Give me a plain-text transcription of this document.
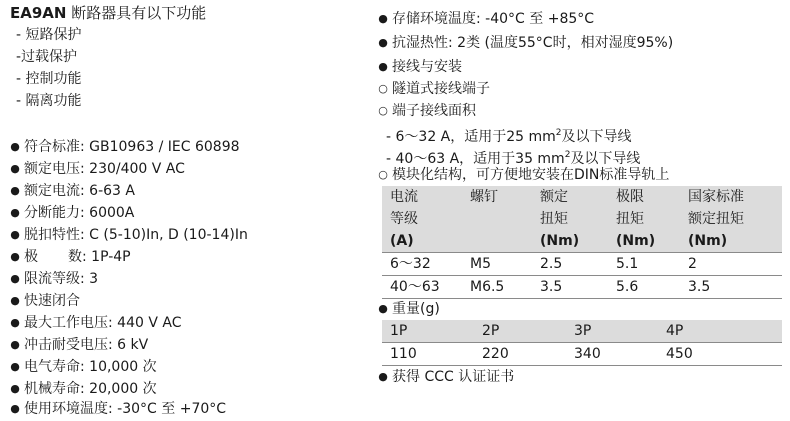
EA9AN 断路器具有以下功能
- 短路保护
-过载保护
- 控制功能
- 隔离功能
● 符合标准: GB10963 / IEC 60898
● 额定电压: 230/400 V AC
● 额定电流: 6-63 A
● 分断能力: 6000A
● 脱扣特性: C (5-10)In, D (10-14)In
● 极 数: 1P-4P
● 限流等级: 3
● 快速闭合
● 最大工作电压: 440 V AC
● 冲击耐受电压: 6 kV
● 电气寿命: 10,000 次
● 机械寿命: 20,000 次
● 使用环境温度: -30°C 至 +70°C
● 存储环境温度: -40°C 至 +85°C
● 抗湿热性: 2类 (温度55°C时，相对湿度95%)
● 接线与安装
○ 隧道式接线端子
○ 端子接线面积
- 6～32 A，适用于25 $mm^2$及以下导线
- 40～63 A，适用于35 $mm^2$及以下导线
○ 模块化结构，可方便地安装在DIN标准导轨上
电流	螺钉	额定	极限	国家标准
等级		扭矩	扭矩	额定扭矩
(A)		(Nm)	(Nm)	(Nm)
6～32	M5	2.5	5.1	2
40～63	M6.5	3.5	5.6	3.5
● 重量(g)
1P	2P	3P	4P
110	220	340	450
● 获得 CCC 认证证书
